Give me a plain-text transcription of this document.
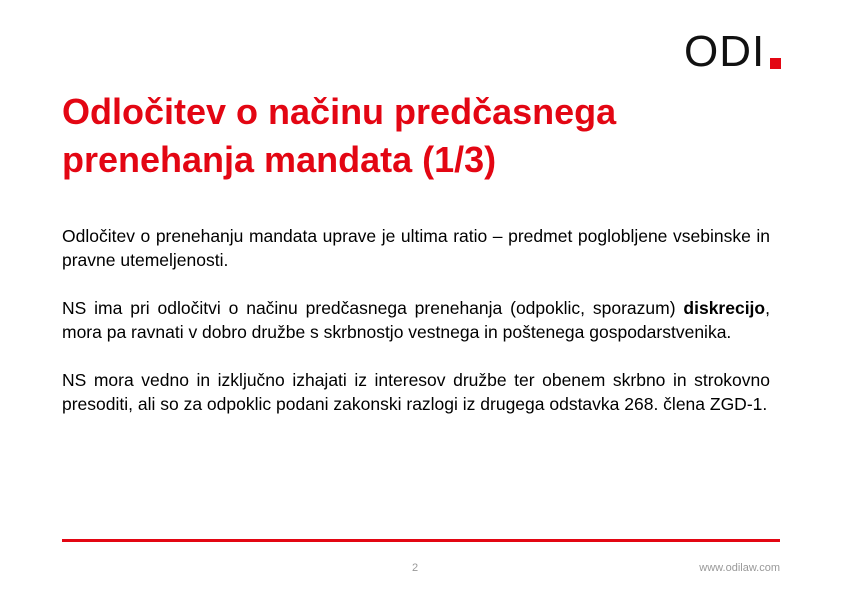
ODI
Odločitev o načinu predčasnega prenehanja mandata (1/3)

Odločitev o prenehanju mandata uprave je ultima ratio – predmet poglobljene vsebinske in pravne utemeljenosti.

NS ima pri odločitvi o načinu predčasnega prenehanja (odpoklic, sporazum) diskrecijo, mora pa ravnati v dobro družbe s skrbnostjo vestnega in poštenega gospodarstvenika.

NS mora vedno in izključno izhajati iz interesov družbe ter obenem skrbno in strokovno presoditi, ali so za odpoklic podani zakonski razlogi iz drugega odstavka 268. člena ZGD-1.

2	www.odilaw.com
